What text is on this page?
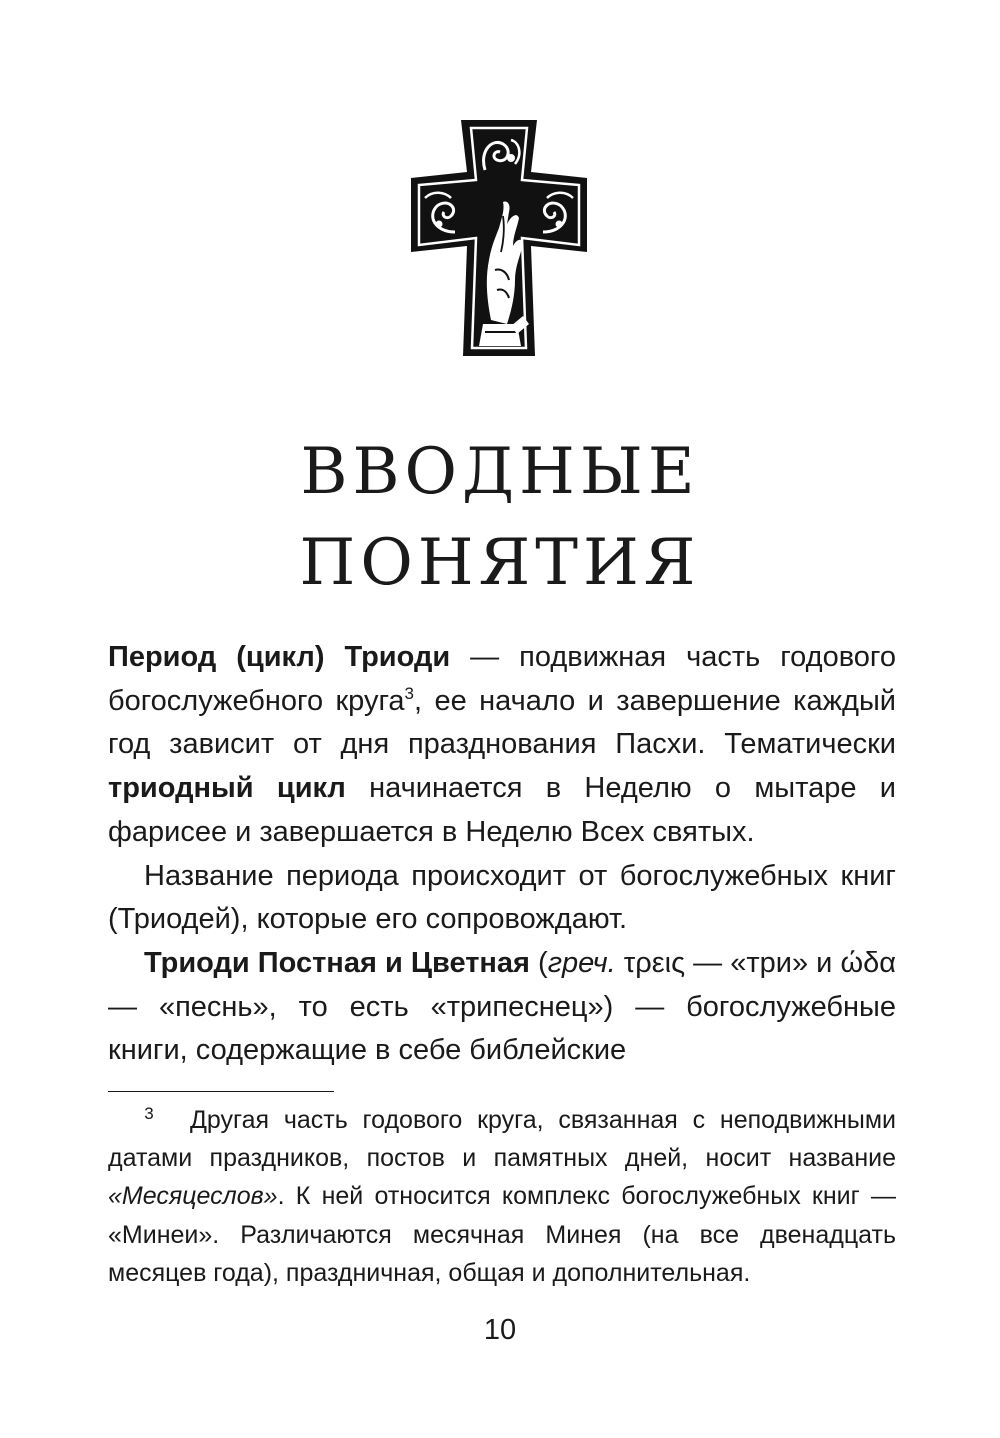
ВВОДНЫЕ
ПОНЯТИЯ

Период (цикл) Триоди — подвижная часть годового богослужебного круга$^3$, ее начало и завершение каждый год зависит от дня празднования Пасхи. Тематически триодный цикл начинается в Неделю о мытаре и фарисее и завершается в Неделю Всех святых.

Название периода происходит от богослужебных книг (Триодей), которые его сопровождают.

Триоди Постная и Цветная (греч. τρεις — «три» и ώδα — «песнь», то есть «трипеснец») — богослужебные книги, содержащие в себе библейские

3 Другая часть годового круга, связанная с неподвижными датами праздников, постов и памятных дней, носит название «Месяцеслов». К ней относится комплекс богослужебных книг — «Минеи». Различаются месячная Минея (на все двенадцать месяцев года), праздничная, общая и дополнительная.

10
